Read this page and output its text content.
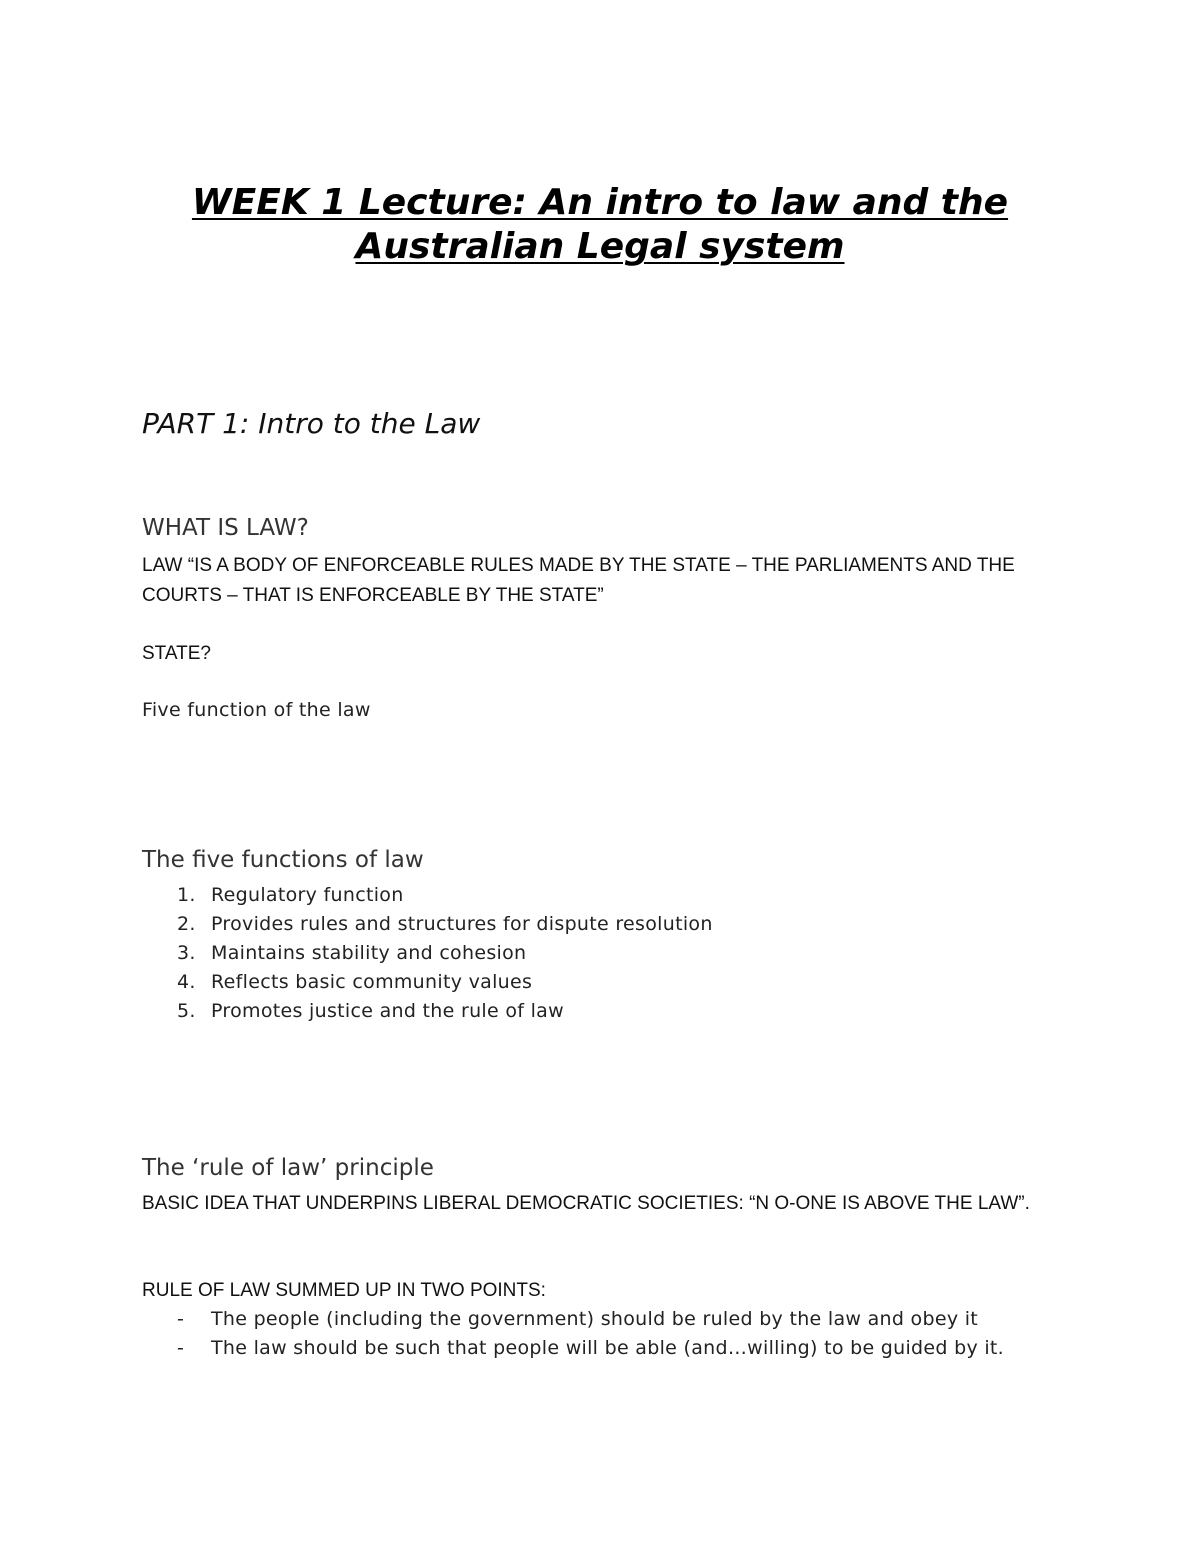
WEEK 1 Lecture: An intro to law and the Australian Legal system

PART 1: Intro to the Law

WHAT IS LAW?

LAW “IS A BODY OF ENFORCEABLE RULES MADE BY THE STATE – THE PARLIAMENTS AND THE COURTS – THAT IS ENFORCEABLE BY THE STATE”

STATE?

Five function of the law

The five functions of law
1. Regulatory function
2. Provides rules and structures for dispute resolution
3. Maintains stability and cohesion
4. Reflects basic community values
5. Promotes justice and the rule of law
The ‘rule of law’ principle

BASIC IDEA THAT UNDERPINS LIBERAL DEMOCRATIC SOCIETIES: “N O-ONE IS ABOVE THE LAW”.

RULE OF LAW SUMMED UP IN TWO POINTS:

- The people (including the government) should be ruled by the law and obey it
- The law should be such that people will be able (and…willing) to be guided by it.
